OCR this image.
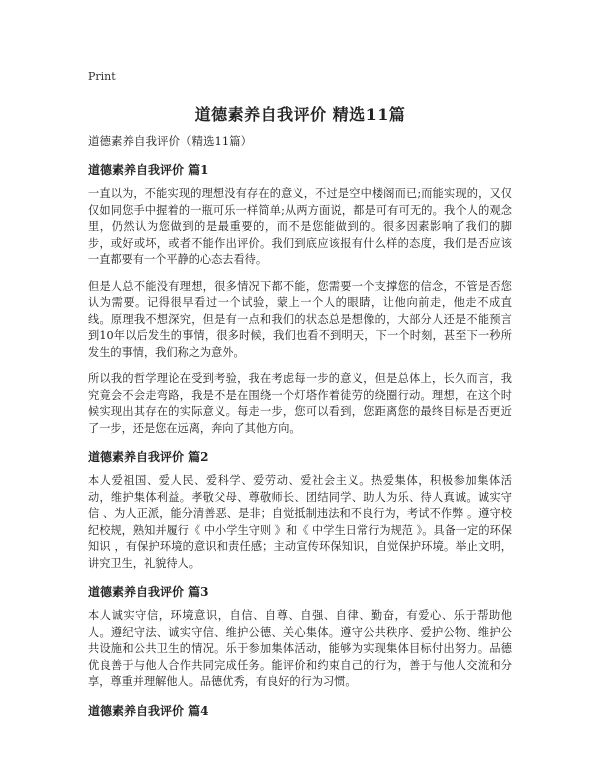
Print
道德素养自我评价 精选11篇

道德素养自我评价（精选11篇）

道德素养自我评价 篇1

一直以为，不能实现的理想没有存在的意义，不过是空中楼阁而已;而能实现的，又仅仅如同您手中握着的一瓶可乐一样简单;从两方面说，都是可有可无的。我个人的观念里，仍然认为您做到的是最重要的，而不是您能做到的。很多因素影响了我们的脚步，或好或坏，或者不能作出评价。我们到底应该报有什么样的态度，我们是否应该一直都要有一个平静的心态去看待。

但是人总不能没有理想，很多情况下都不能，您需要一个支撑您的信念，不管是否您认为需要。记得很早看过一个试验，蒙上一个人的眼睛，让他向前走，他走不成直线。原理我不想深究，但是有一点和我们的状态总是想像的，大部分人还是不能预言到10年以后发生的事情，很多时候，我们也看不到明天，下一个时刻，甚至下一秒所发生的事情，我们称之为意外。

所以我的哲学理论在受到考验，我在考虑每一步的意义，但是总体上，长久而言，我究竟会不会走弯路，我是不是在围绕一个灯塔作着徒劳的绕圈行动。理想，在这个时候实现出其存在的实际意义。每走一步，您可以看到，您距离您的最终目标是否更近了一步，还是您在远离，奔向了其他方向。

道德素养自我评价 篇2

本人爱祖国、爱人民、爱科学、爱劳动、爱社会主义。热爱集体，积极参加集体活动，维护集体利益。孝敬父母、尊敬师长、团结同学、助人为乐、待人真诚。诚实守信 、为人正派，能分清善恶、是非；自觉抵制违法和不良行为，考试不作弊 。遵守校纪校规，熟知并履行《 中小学生守则 》和《 中学生日常行为规范 》。具备一定的环保知识 ，有保护环境的意识和责任感；主动宣传环保知识，自觉保护环境。举止文明，讲究卫生，礼貌待人。

道德素养自我评价 篇3

本人诚实守信，环境意识，自信、自尊、自强、自律、勤奋，有爱心、乐于帮助他人。遵纪守法、诚实守信、维护公德、关心集体。遵守公共秩序、爱护公物、维护公共设施和公共卫生的情况。乐于参加集体活动，能够为实现集体目标付出努力。品德优良善于与他人合作共同完成任务。能评价和约束自己的行为，善于与他人交流和分享，尊重并理解他人。品德优秀，有良好的行为习惯。

道德素养自我评价 篇4
